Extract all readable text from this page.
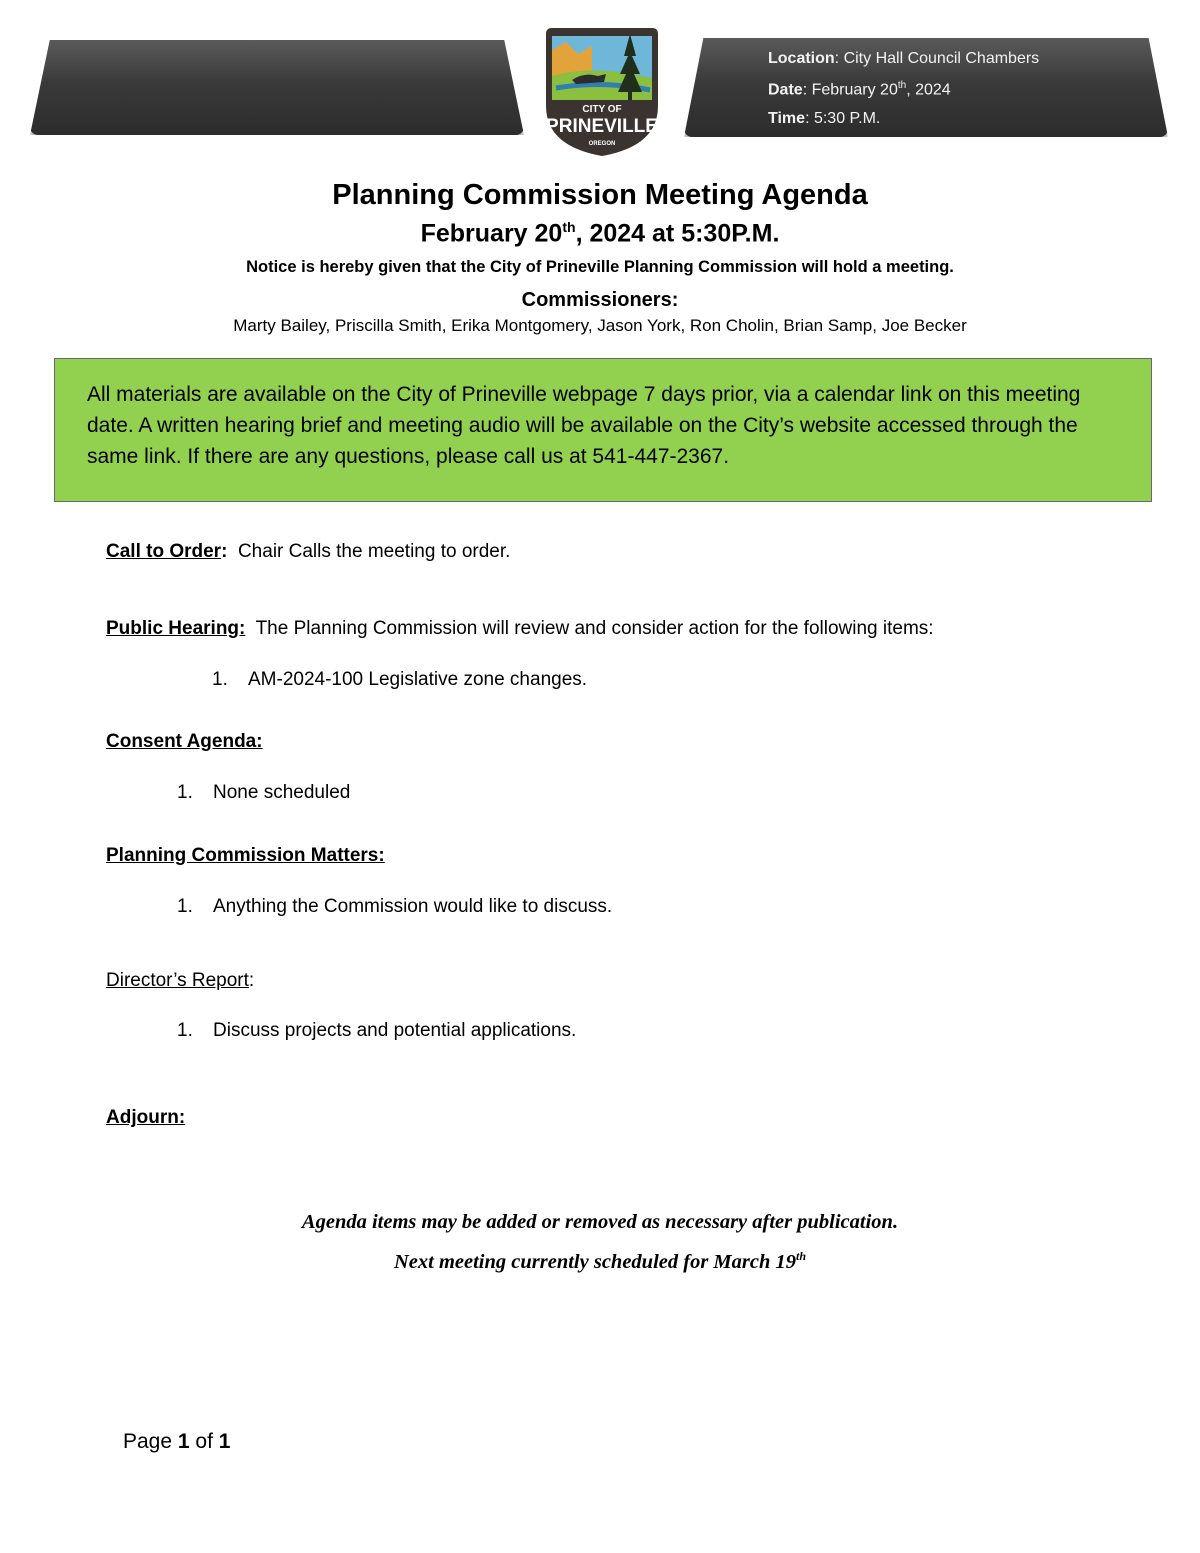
Location: City Hall Council Chambers
Date: February 20th, 2024
Time: 5:30 P.M.
CITY OF
PRINEVILLE
OREGON
Planning Commission Meeting Agenda
February 20th, 2024 at 5:30P.M.
Notice is hereby given that the City of Prineville Planning Commission will hold a meeting.
Commissioners:
Marty Bailey, Priscilla Smith, Erika Montgomery, Jason York, Ron Cholin, Brian Samp, Joe Becker

All materials are available on the City of Prineville webpage 7 days prior, via a calendar link on this meeting date. A written hearing brief and meeting audio will be available on the City’s website accessed through the same link. If there are any questions, please call us at 541-447-2367.

Call to Order:  Chair Calls the meeting to order.
Public Hearing:  The Planning Commission will review and consider action for the following items:
1. AM-2024-100 Legislative zone changes.
Consent Agenda:
1. None scheduled
Planning Commission Matters:
1. Anything the Commission would like to discuss.
Director’s Report:
1. Discuss projects and potential applications.
Adjourn:
Agenda items may be added or removed as necessary after publication.
Next meeting currently scheduled for March 19th
Page 1 of 1
